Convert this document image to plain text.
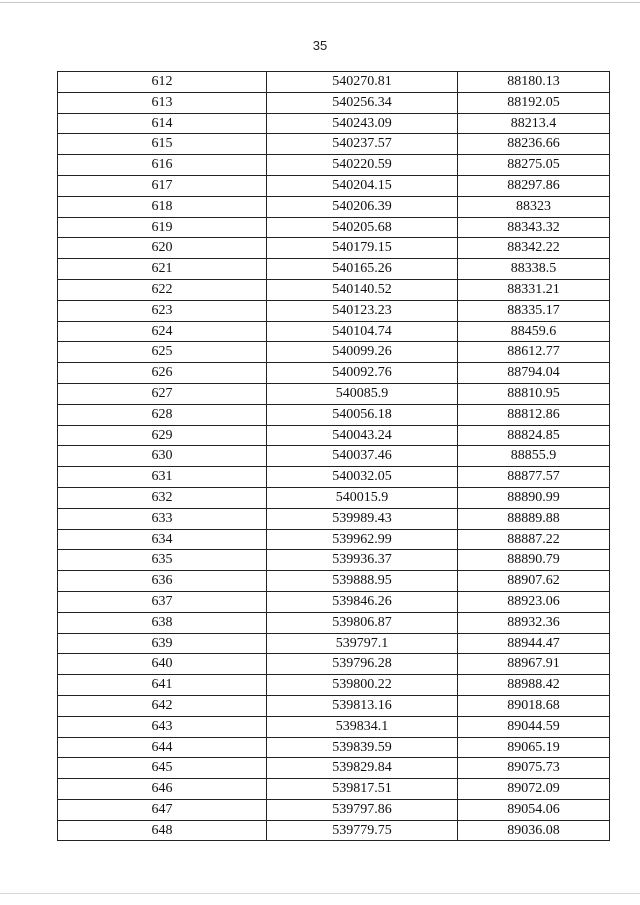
35
612	540270.81	88180.13
613	540256.34	88192.05
614	540243.09	88213.4
615	540237.57	88236.66
616	540220.59	88275.05
617	540204.15	88297.86
618	540206.39	88323
619	540205.68	88343.32
620	540179.15	88342.22
621	540165.26	88338.5
622	540140.52	88331.21
623	540123.23	88335.17
624	540104.74	88459.6
625	540099.26	88612.77
626	540092.76	88794.04
627	540085.9	88810.95
628	540056.18	88812.86
629	540043.24	88824.85
630	540037.46	88855.9
631	540032.05	88877.57
632	540015.9	88890.99
633	539989.43	88889.88
634	539962.99	88887.22
635	539936.37	88890.79
636	539888.95	88907.62
637	539846.26	88923.06
638	539806.87	88932.36
639	539797.1	88944.47
640	539796.28	88967.91
641	539800.22	88988.42
642	539813.16	89018.68
643	539834.1	89044.59
644	539839.59	89065.19
645	539829.84	89075.73
646	539817.51	89072.09
647	539797.86	89054.06
648	539779.75	89036.08
